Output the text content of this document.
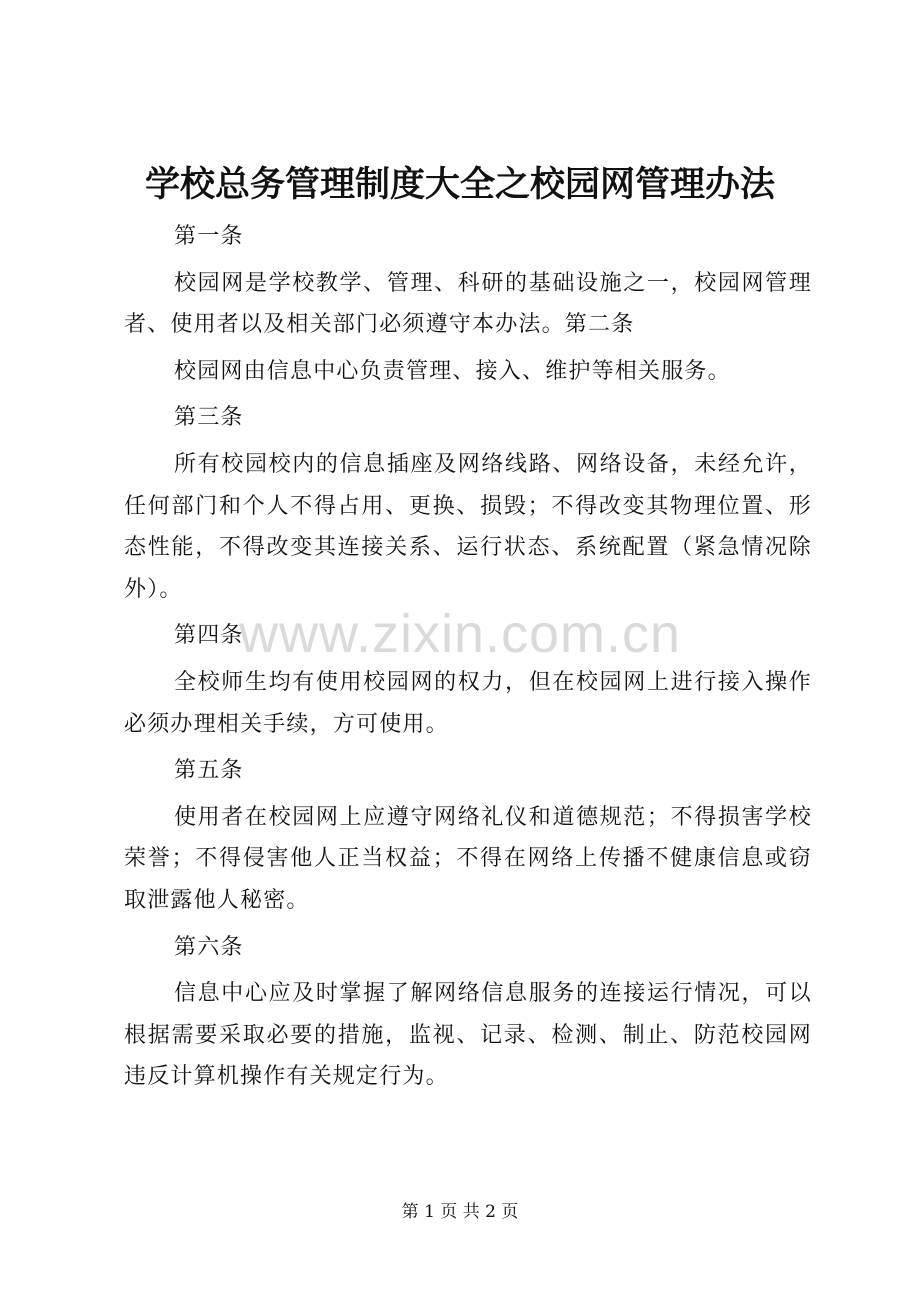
学校总务管理制度大全之校园网管理办法

第一条

校园网是学校教学、管理、科研的基础设施之一，校园网管理者、使用者以及相关部门必须遵守本办法。第二条

校园网由信息中心负责管理、接入、维护等相关服务。

第三条

所有校园校内的信息插座及网络线路、网络设备，未经允许，任何部门和个人不得占用、更换、损毁；不得改变其物理位置、形态性能，不得改变其连接关系、运行状态、系统配置（紧急情况除外）。

第四条

全校师生均有使用校园网的权力，但在校园网上进行接入操作必须办理相关手续，方可使用。

第五条

使用者在校园网上应遵守网络礼仪和道德规范；不得损害学校荣誉；不得侵害他人正当权益；不得在网络上传播不健康信息或窃取泄露他人秘密。

第六条

信息中心应及时掌握了解网络信息服务的连接运行情况，可以根据需要采取必要的措施，监视、记录、检测、制止、防范校园网违反计算机操作有关规定行为。

www.zixin.com.cn
第 1 页 共 2 页
